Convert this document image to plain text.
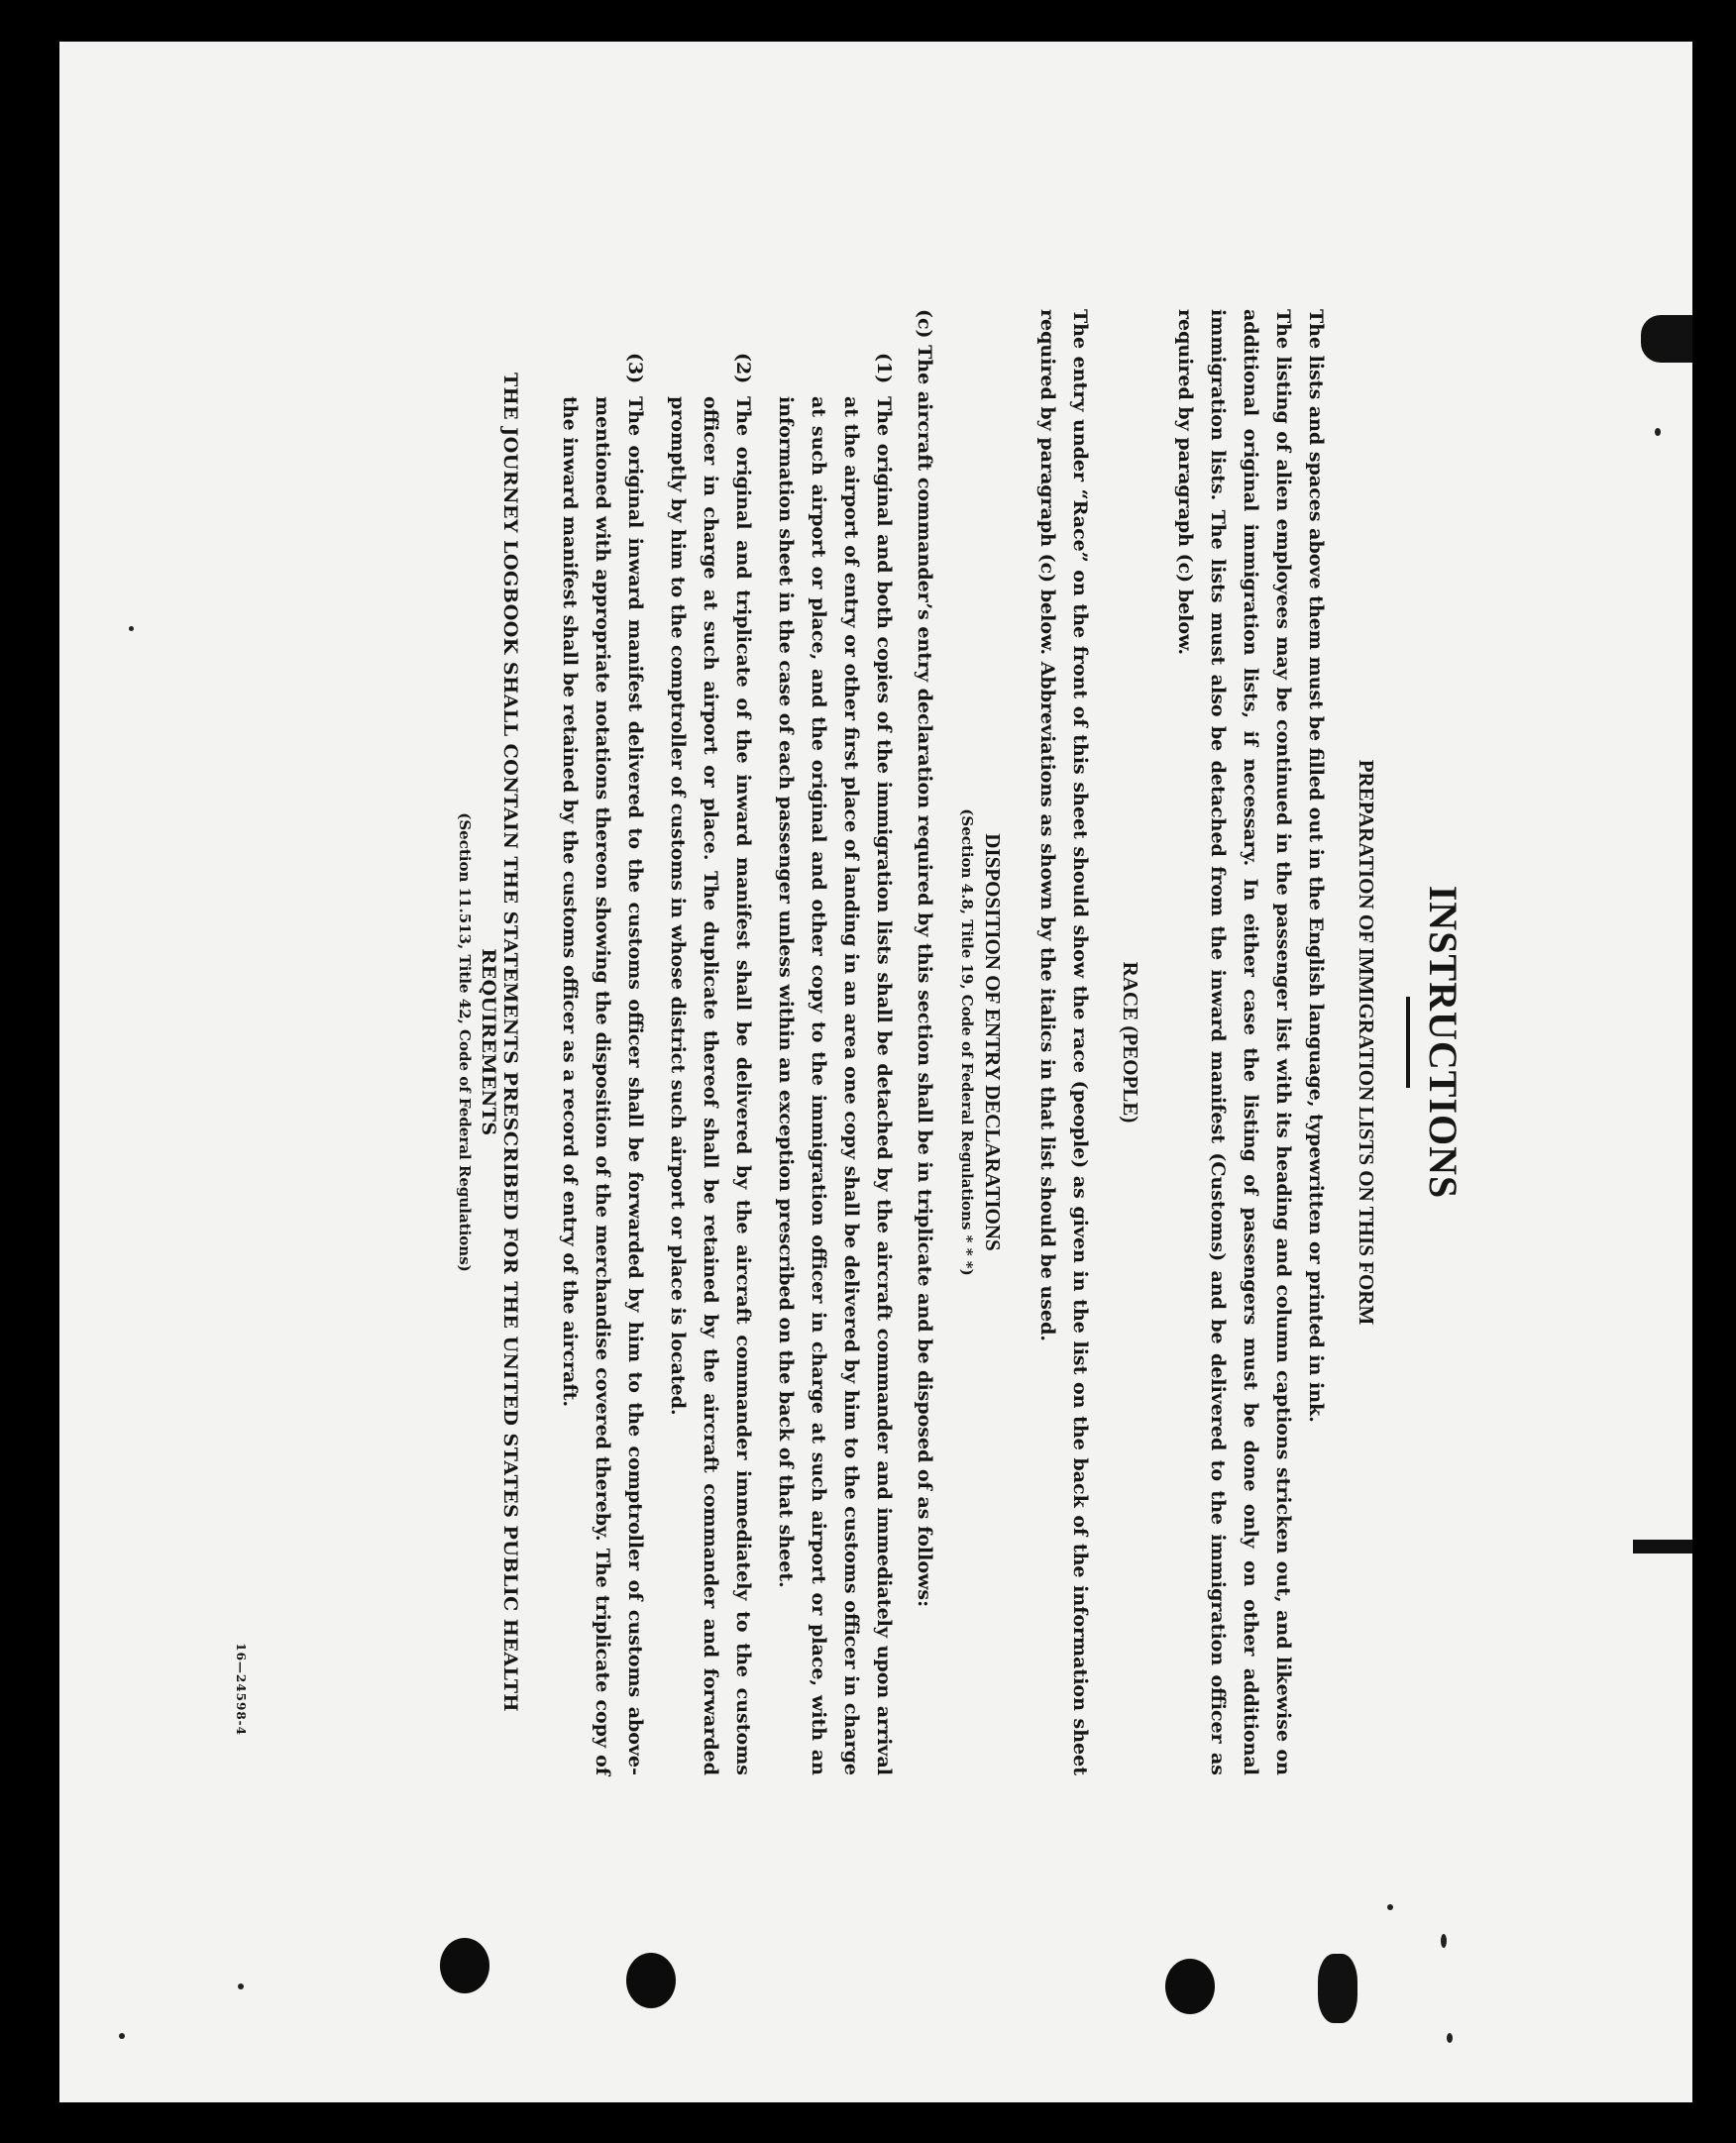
INSTRUCTIONS
PREPARATION OF IMMIGRATION LISTS ON THIS FORM

The lists and spaces above them must be filled out in the English language, typewritten or printed in ink.

The listing of alien employees may be continued in the passenger list with its heading and column captions stricken out, and likewise on additional original immigration lists, if necessary. In either case the listing of passengers must be done only on other additional immigration lists. The lists must also be detached from the inward manifest (Customs) and be delivered to the immigration officer as required by paragraph (c) below.

RACE (PEOPLE)

The entry under “Race” on the front of this sheet should show the race (people) as given in the list on the back of the information sheet required by paragraph (c) below. Abbreviations as shown by the italics in that list should be used.

DISPOSITION OF ENTRY DECLARATIONS
(Section 4.8, Title 19, Code of Federal Regulations * * *)

(c) The aircraft commander’s entry declaration required by this section shall be in triplicate and be disposed of as follows:

(1)
The original and both copies of the immigration lists shall be detached by the aircraft commander and immediately upon arrival at the airport of entry or other first place of landing in an area one copy shall be delivered by him to the customs officer in charge at such airport or place, and the original and other copy to the immigration officer in charge at such airport or place, with an information sheet in the case of each passenger unless within an exception prescribed on the back of that sheet.
(2)
The original and triplicate of the inward manifest shall be delivered by the aircraft commander immediately to the customs officer in charge at such airport or place. The duplicate thereof shall be retained by the aircraft commander and forwarded promptly by him to the comptroller of customs in whose district such airport or place is located.
(3)
The original inward manifest delivered to the customs officer shall be forwarded by him to the comptroller of customs above-mentioned with appropriate notations thereon showing the disposition of the merchandise covered thereby. The triplicate copy of the inward manifest shall be retained by the customs officer as a record of entry of the aircraft.
THE JOURNEY LOGBOOK SHALL CONTAIN THE STATEMENTS PRESCRIBED FOR THE UNITED STATES PUBLIC HEALTH REQUIREMENTS
(Section 11.513, Title 42, Code of Federal Regulations)
16—24598-4
